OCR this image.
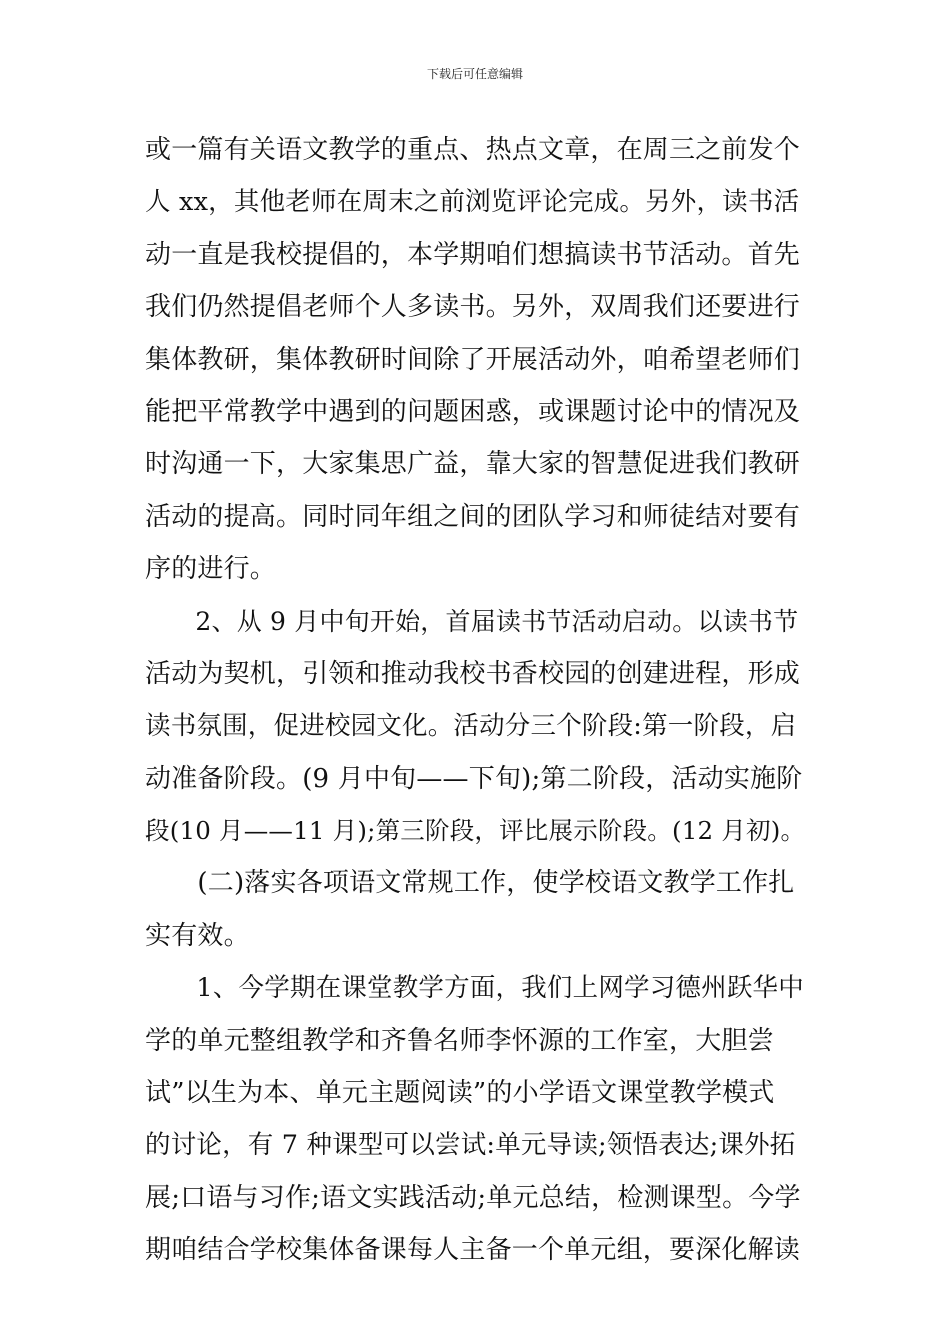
下载后可任意编辑
或一篇有关语文教学的重点、热点文章，在周三之前发个
人 xx，其他老师在周末之前浏览评论完成。另外，读书活
动一直是我校提倡的，本学期咱们想搞读书节活动。首先
我们仍然提倡老师个人多读书。另外，双周我们还要进行
集体教研，集体教研时间除了开展活动外，咱希望老师们
能把平常教学中遇到的问题困惑，或课题讨论中的情况及
时沟通一下，大家集思广益，靠大家的智慧促进我们教研
活动的提高。同时同年组之间的团队学习和师徒结对要有
序的进行。
　　2、从 9 月中旬开始，首届读书节活动启动。以读书节
活动为契机，引领和推动我校书香校园的创建进程，形成
读书氛围，促进校园文化。活动分三个阶段:第一阶段，启
动准备阶段。(9 月中旬——下旬);第二阶段，活动实施阶
段(10 月——11 月);第三阶段，评比展示阶段。(12 月初)。
　　(二)落实各项语文常规工作，使学校语文教学工作扎
实有效。
　　1、今学期在课堂教学方面，我们上网学习德州跃华中
学的单元整组教学和齐鲁名师李怀源的工作室，大胆尝
试”以生为本、单元主题阅读”的小学语文课堂教学模式
的讨论，有 7 种课型可以尝试:单元导读;领悟表达;课外拓
展;口语与习作;语文实践活动;单元总结，检测课型。今学
期咱结合学校集体备课每人主备一个单元组，要深化解读
